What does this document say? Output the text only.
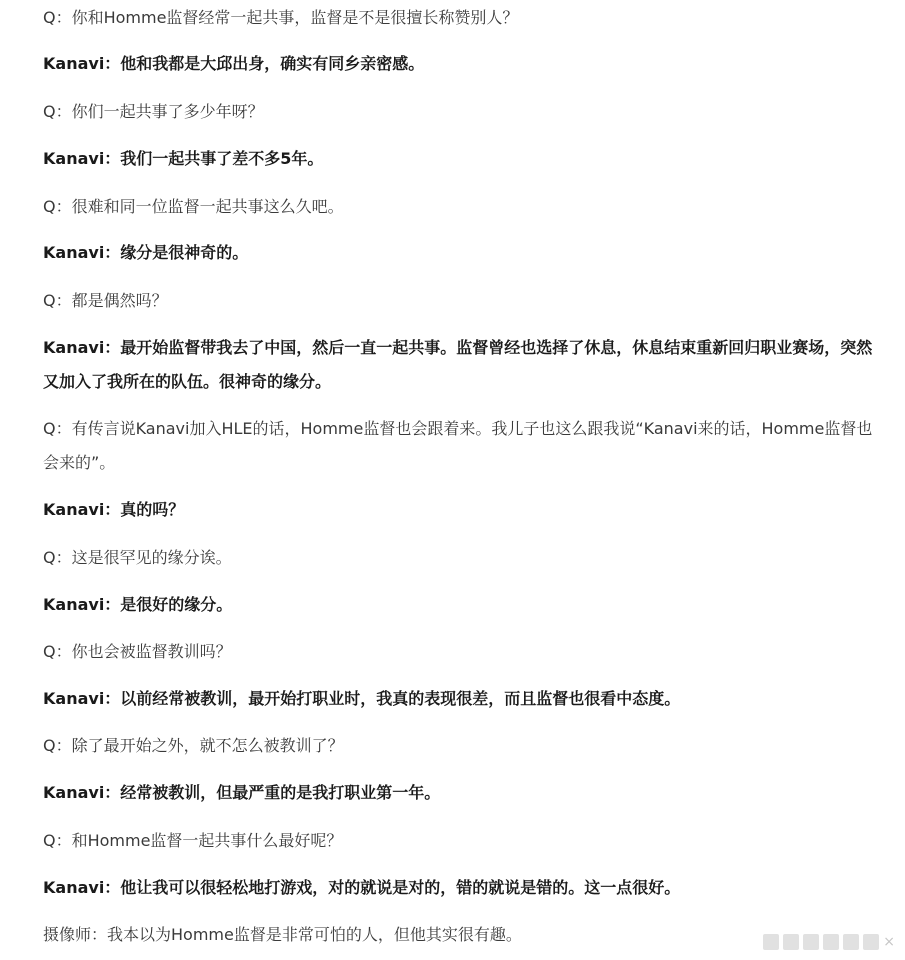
Q：你和Homme监督经常一起共事，监督是不是很擅长称赞别人？
Kanavi：他和我都是大邱出身，确实有同乡亲密感。
Q：你们一起共事了多少年呀？
Kanavi：我们一起共事了差不多5年。
Q：很难和同一位监督一起共事这么久吧。
Kanavi：缘分是很神奇的。
Q：都是偶然吗？
Kanavi：最开始监督带我去了中国，然后一直一起共事。监督曾经也选择了休息，休息结束重新回归职业赛场，突然又加入了我所在的队伍。很神奇的缘分。
Q：有传言说Kanavi加入HLE的话，Homme监督也会跟着来。我儿子也这么跟我说“Kanavi来的话，Homme监督也会来的”。
Kanavi：真的吗？
Q：这是很罕见的缘分诶。
Kanavi：是很好的缘分。
Q：你也会被监督教训吗？
Kanavi：以前经常被教训，最开始打职业时，我真的表现很差，而且监督也很看中态度。
Q：除了最开始之外，就不怎么被教训了？
Kanavi：经常被教训，但最严重的是我打职业第一年。
Q：和Homme监督一起共事什么最好呢？
Kanavi：他让我可以很轻松地打游戏，对的就说是对的，错的就说是错的。这一点很好。
摄像师：我本以为Homme监督是非常可怕的人，但他其实很有趣。	×
